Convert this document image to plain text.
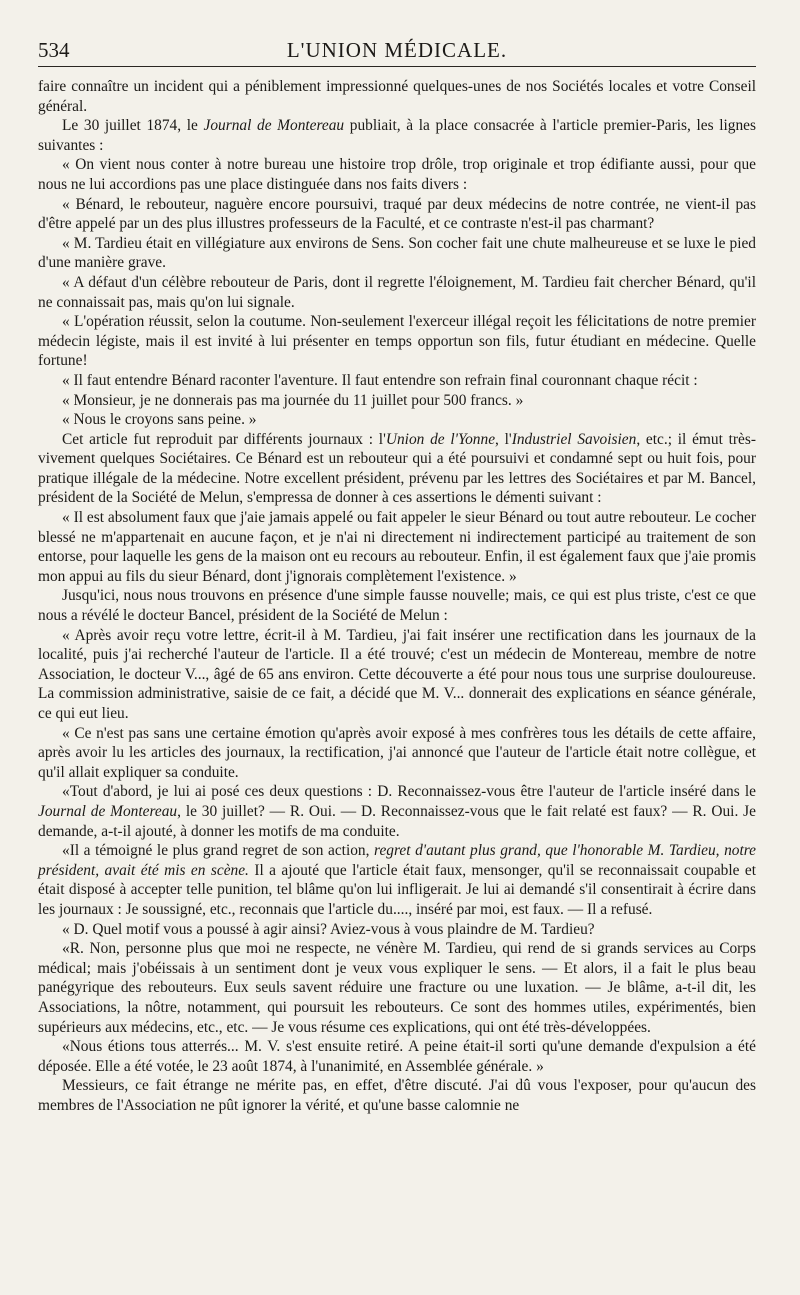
534	L'UNION MÉDICALE.

faire connaître un incident qui a péniblement impressionné quelques-unes de nos Sociétés locales et votre Conseil général.

Le 30 juillet 1874, le Journal de Montereau publiait, à la place consacrée à l'article premier-Paris, les lignes suivantes :

« On vient nous conter à notre bureau une histoire trop drôle, trop originale et trop édifiante aussi, pour que nous ne lui accordions pas une place distinguée dans nos faits divers :

« Bénard, le rebouteur, naguère encore poursuivi, traqué par deux médecins de notre contrée, ne vient-il pas d'être appelé par un des plus illustres professeurs de la Faculté, et ce contraste n'est-il pas charmant?

« M. Tardieu était en villégiature aux environs de Sens. Son cocher fait une chute malheureuse et se luxe le pied d'une manière grave.

« A défaut d'un célèbre rebouteur de Paris, dont il regrette l'éloignement, M. Tardieu fait chercher Bénard, qu'il ne connaissait pas, mais qu'on lui signale.

« L'opération réussit, selon la coutume. Non-seulement l'exerceur illégal reçoit les félicitations de notre premier médecin légiste, mais il est invité à lui présenter en temps opportun son fils, futur étudiant en médecine. Quelle fortune!

« Il faut entendre Bénard raconter l'aventure. Il faut entendre son refrain final couronnant chaque récit :

« Monsieur, je ne donnerais pas ma journée du 11 juillet pour 500 francs. »

« Nous le croyons sans peine. »

Cet article fut reproduit par différents journaux : l'Union de l'Yonne, l'Industriel Savoisien, etc.; il émut très-vivement quelques Sociétaires. Ce Bénard est un rebouteur qui a été poursuivi et condamné sept ou huit fois, pour pratique illégale de la médecine. Notre excellent président, prévenu par les lettres des Sociétaires et par M. Bancel, président de la Société de Melun, s'empressa de donner à ces assertions le démenti suivant :

« Il est absolument faux que j'aie jamais appelé ou fait appeler le sieur Bénard ou tout autre rebouteur. Le cocher blessé ne m'appartenait en aucune façon, et je n'ai ni directement ni indirectement participé au traitement de son entorse, pour laquelle les gens de la maison ont eu recours au rebouteur. Enfin, il est également faux que j'aie promis mon appui au fils du sieur Bénard, dont j'ignorais complètement l'existence. »

Jusqu'ici, nous nous trouvons en présence d'une simple fausse nouvelle; mais, ce qui est plus triste, c'est ce que nous a révélé le docteur Bancel, président de la Société de Melun :

« Après avoir reçu votre lettre, écrit-il à M. Tardieu, j'ai fait insérer une rectification dans les journaux de la localité, puis j'ai recherché l'auteur de l'article. Il a été trouvé; c'est un médecin de Montereau, membre de notre Association, le docteur V..., âgé de 65 ans environ. Cette découverte a été pour nous tous une surprise douloureuse. La commission administrative, saisie de ce fait, a décidé que M. V... donnerait des explications en séance générale, ce qui eut lieu.

« Ce n'est pas sans une certaine émotion qu'après avoir exposé à mes confrères tous les détails de cette affaire, après avoir lu les articles des journaux, la rectification, j'ai annoncé que l'auteur de l'article était notre collègue, et qu'il allait expliquer sa conduite.

«Tout d'abord, je lui ai posé ces deux questions : D. Reconnaissez-vous être l'auteur de l'article inséré dans le Journal de Montereau, le 30 juillet? — R. Oui. — D. Reconnaissez-vous que le fait relaté est faux? — R. Oui. Je demande, a-t-il ajouté, à donner les motifs de ma conduite.

«Il a témoigné le plus grand regret de son action, regret d'autant plus grand, que l'honorable M. Tardieu, notre président, avait été mis en scène. Il a ajouté que l'article était faux, mensonger, qu'il se reconnaissait coupable et était disposé à accepter telle punition, tel blâme qu'on lui infligerait. Je lui ai demandé s'il consentirait à écrire dans les journaux : Je soussigné, etc., reconnais que l'article du...., inséré par moi, est faux. — Il a refusé.

« D. Quel motif vous a poussé à agir ainsi? Aviez-vous à vous plaindre de M. Tardieu?

«R. Non, personne plus que moi ne respecte, ne vénère M. Tardieu, qui rend de si grands services au Corps médical; mais j'obéissais à un sentiment dont je veux vous expliquer le sens. — Et alors, il a fait le plus beau panégyrique des rebouteurs. Eux seuls savent réduire une fracture ou une luxation. — Je blâme, a-t-il dit, les Associations, la nôtre, notamment, qui poursuit les rebouteurs. Ce sont des hommes utiles, expérimentés, bien supérieurs aux médecins, etc., etc. — Je vous résume ces explications, qui ont été très-développées.

«Nous étions tous atterrés... M. V. s'est ensuite retiré. A peine était-il sorti qu'une demande d'expulsion a été déposée. Elle a été votée, le 23 août 1874, à l'unanimité, en Assemblée générale. »

Messieurs, ce fait étrange ne mérite pas, en effet, d'être discuté. J'ai dû vous l'exposer, pour qu'aucun des membres de l'Association ne pût ignorer la vérité, et qu'une basse calomnie ne
